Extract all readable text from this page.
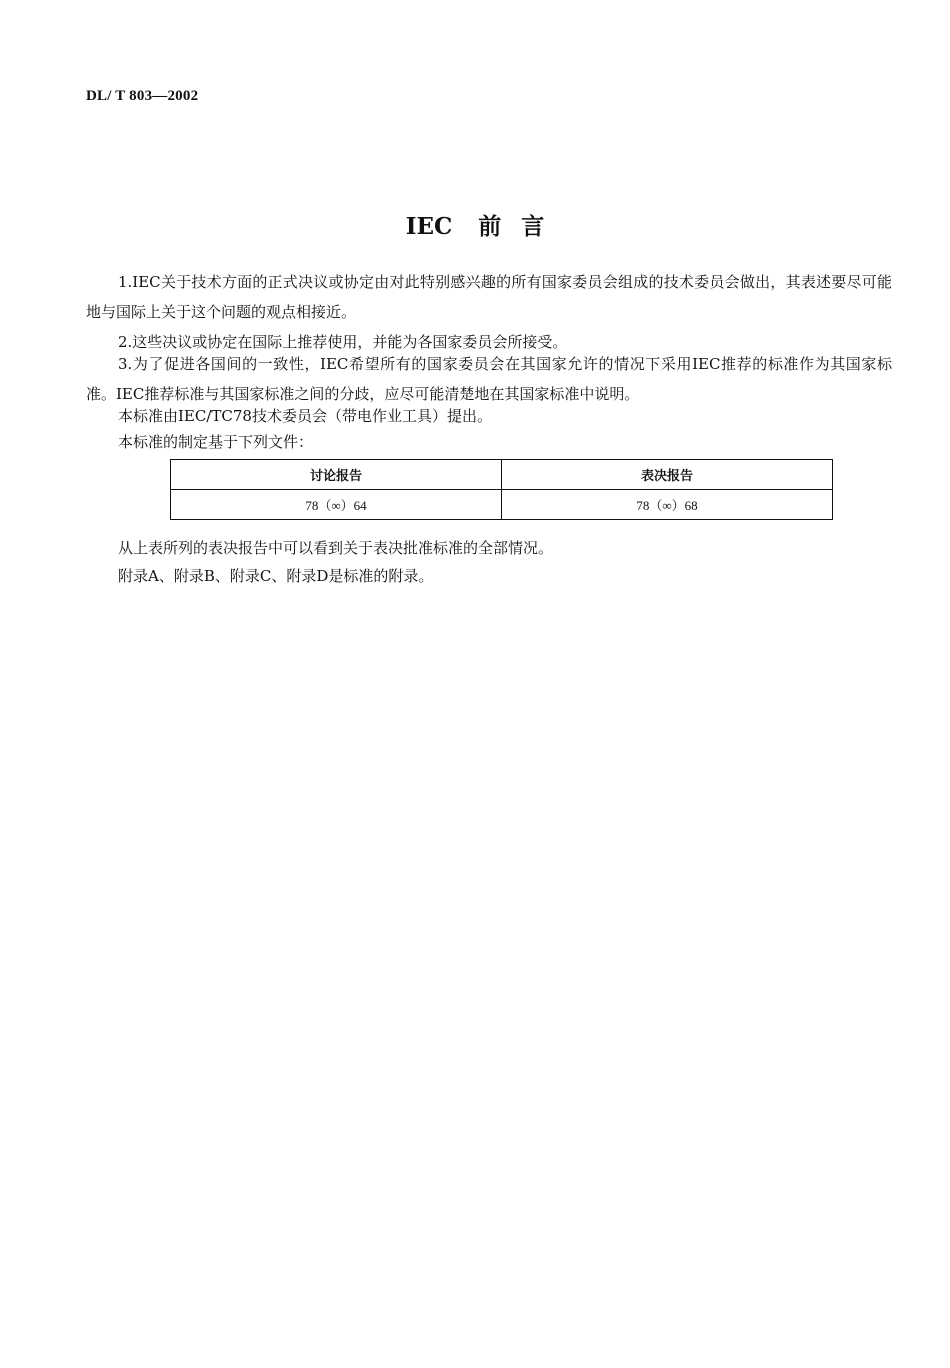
DL/ T 803—2002
IEC 前 言

1.IEC关于技术方面的正式决议或协定由对此特别感兴趣的所有国家委员会组成的技术委员会做出，其表述要尽可能地与国际上关于这个问题的观点相接近。

2.这些决议或协定在国际上推荐使用，并能为各国家委员会所接受。

3.为了促进各国间的一致性，IEC希望所有的国家委员会在其国家允许的情况下采用IEC推荐的标准作为其国家标准。IEC推荐标准与其国家标准之间的分歧，应尽可能清楚地在其国家标准中说明。

本标准由IEC/TC78技术委员会（带电作业工具）提出。

本标准的制定基于下列文件：

讨论报告	表决报告
78（∞）64	78（∞）68

从上表所列的表决报告中可以看到关于表决批准标准的全部情况。

附录A、附录B、附录C、附录D是标准的附录。
